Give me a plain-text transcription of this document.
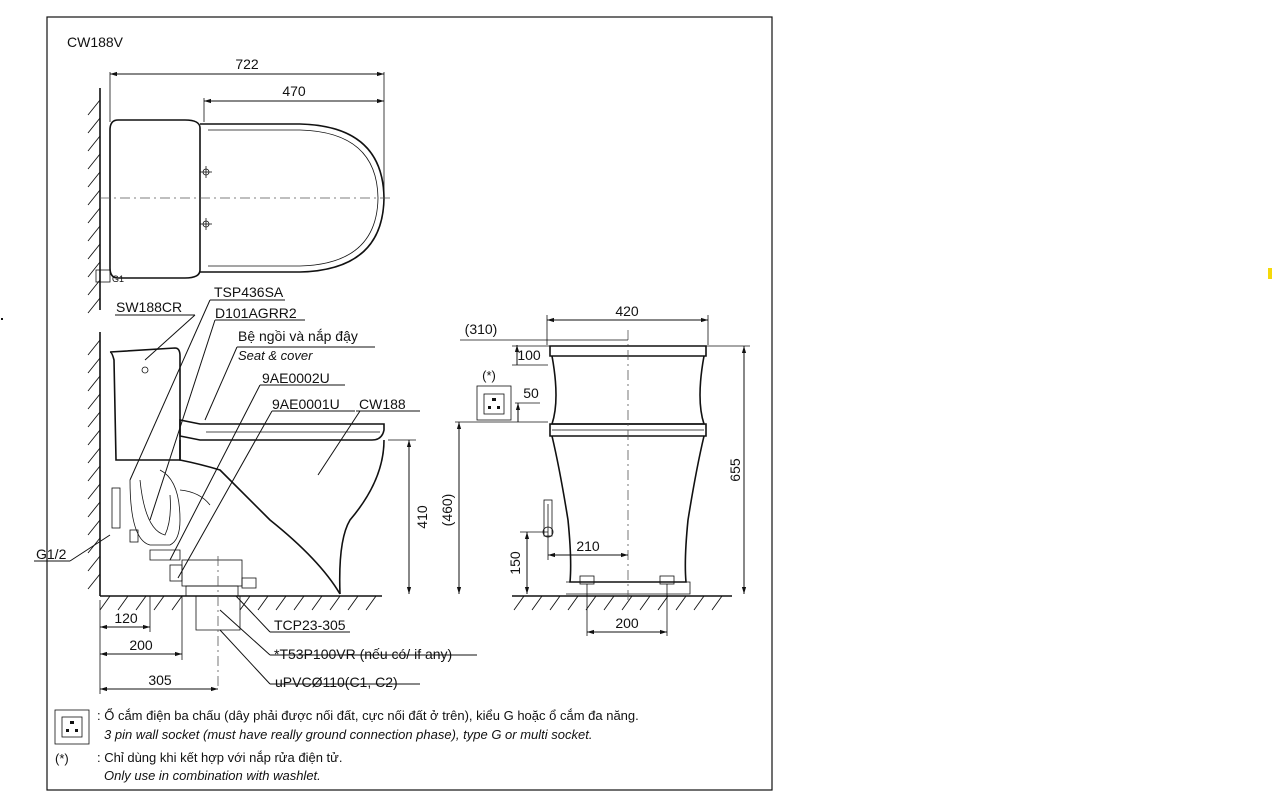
CW188V
G1
722
470
SW188CR
TSP436SA
D101AGRR2
Bệ ngồi và nắp đậy
Seat & cover
9AE0002U
9AE0001U CW188
G1/2
TCP23-305
*T53P100VR (nếu có/ if any)
uPVCØ110(C1, C2)
410
120
200
305
(*)
420
(310)
100
50
(460)
655
150
210
200
: Ổ cắm điện ba chấu (dây phải được nối đất, cực nối đất ở trên), kiểu G hoặc ổ cắm đa năng.
3 pin wall socket (must have really ground connection phase), type G or multi socket.
(*) : Chỉ dùng khi kết hợp với nắp rửa điện tử.
Only use in combination with washlet.
